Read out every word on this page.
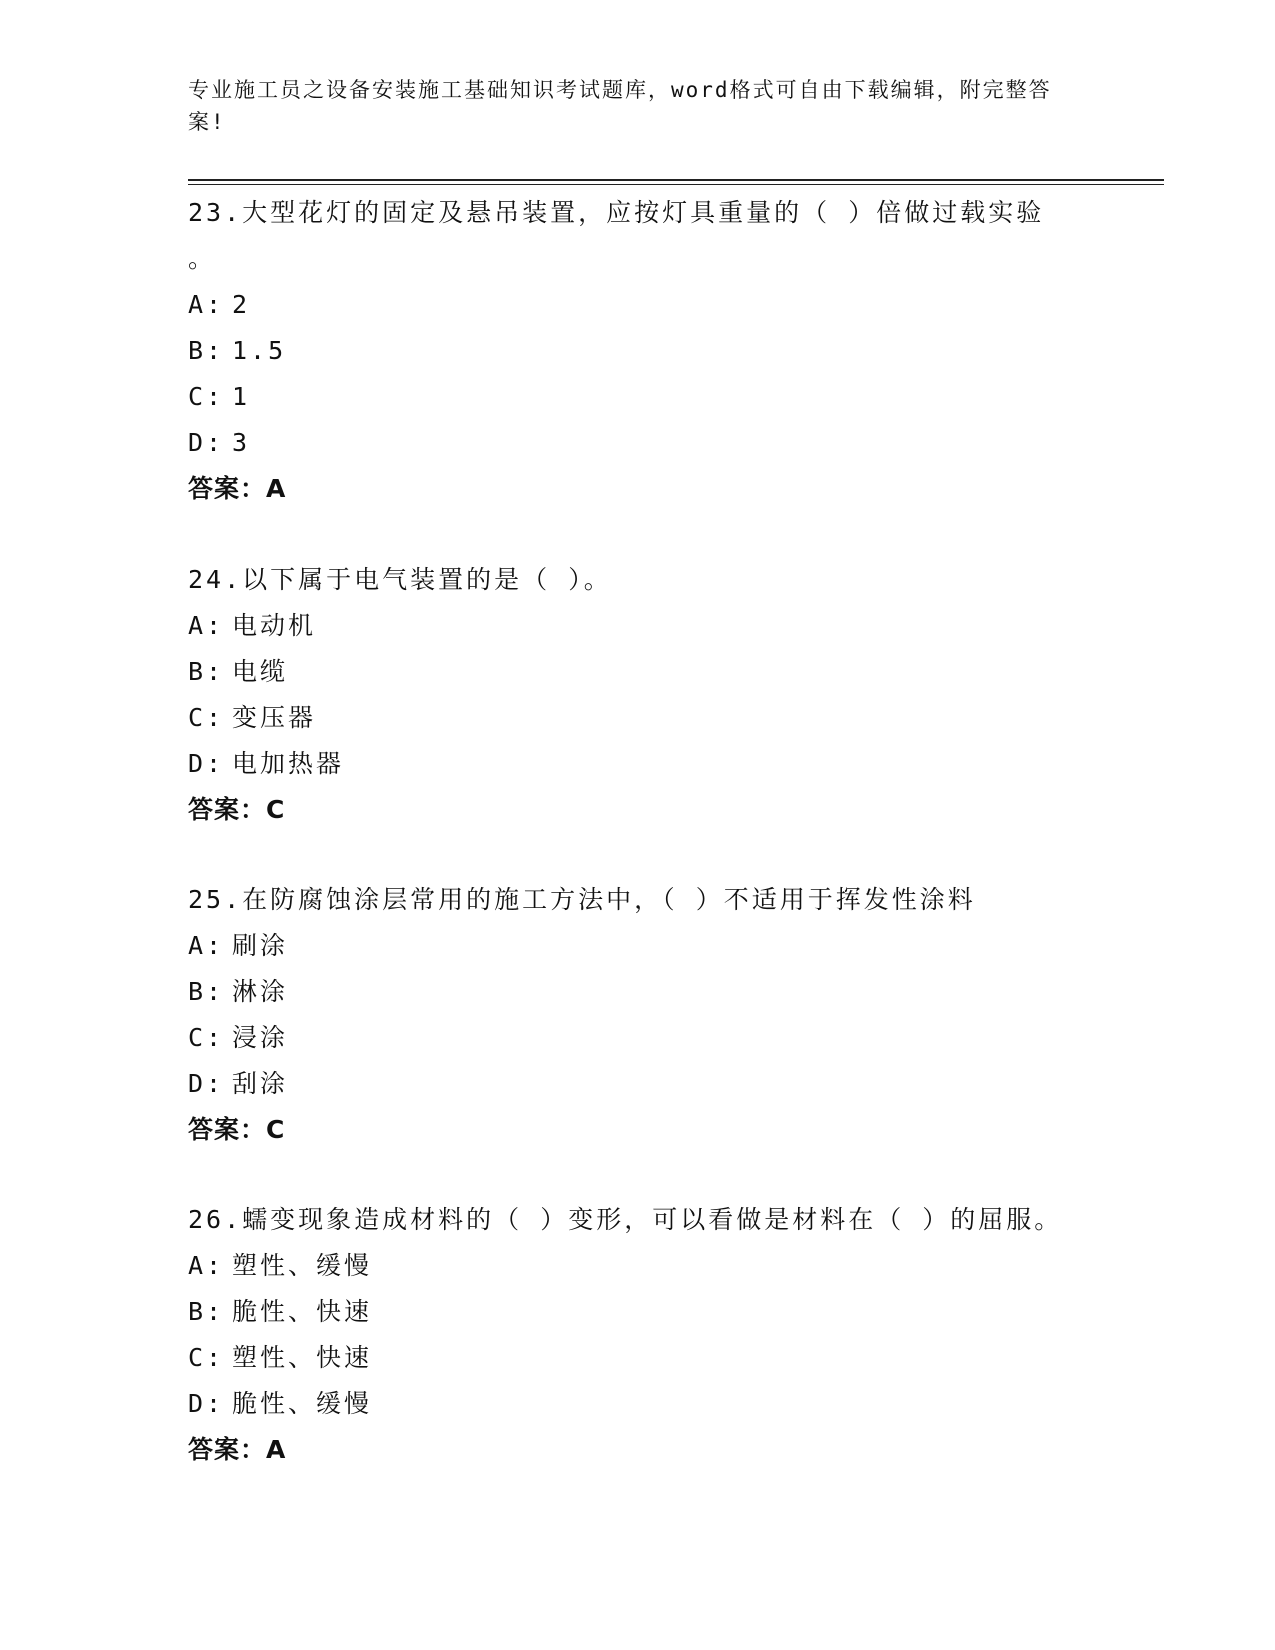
专业施工员之设备安装施工基础知识考试题库，word格式可自由下载编辑，附完整答案!
23.大型花灯的固定及悬吊装置，应按灯具重量的（ ）倍做过载实验
。
A: 2
B: 1.5
C: 1
D: 3
答案：A
24.以下属于电气装置的是（ ）。
A: 电动机
B: 电缆
C: 变压器
D: 电加热器
答案：C
25.在防腐蚀涂层常用的施工方法中，（ ）不适用于挥发性涂料
A: 刷涂
B: 淋涂
C: 浸涂
D: 刮涂
答案：C
26.蠕变现象造成材料的（ ）变形，可以看做是材料在（ ）的屈服。
A: 塑性、缓慢
B: 脆性、快速
C: 塑性、快速
D: 脆性、缓慢
答案：A
